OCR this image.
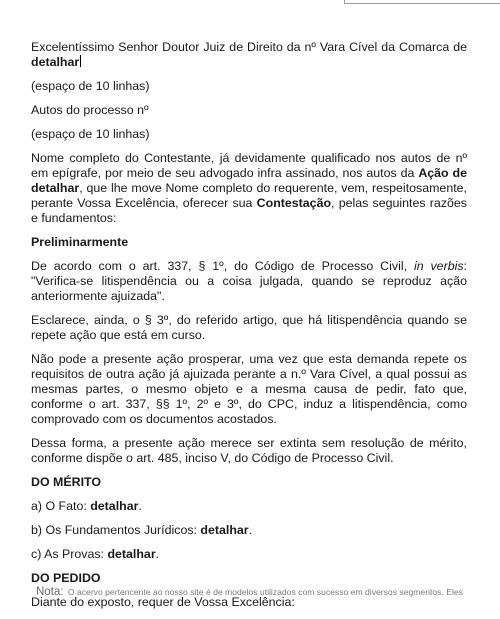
Excelentíssimo Senhor Doutor Juiz de Direito da nº Vara Cível da Comarca de detalhar

(espaço de 10 linhas)

Autos do processo nº

(espaço de 10 linhas)

Nome completo do Contestante, já devidamente qualificado nos autos de nº em epígrafe, por meio de seu advogado infra assinado, nos autos da Ação de detalhar, que lhe move Nome completo do requerente, vem, respeitosamente, perante Vossa Excelência, oferecer sua Contestação, pelas seguintes razões e fundamentos:

Preliminarmente

De acordo com o art. 337, § 1º, do Código de Processo Civil, in verbis: "Verifica-se litispendência ou a coisa julgada, quando se reproduz ação anteriormente ajuizada".

Esclarece, ainda, o § 3º, do referido artigo, que há litispendência quando se repete ação que está em curso.

Não pode a presente ação prosperar, uma vez que esta demanda repete os requisitos de outra ação já ajuizada perante a n.º Vara Cível, a qual possui as mesmas partes, o mesmo objeto e a mesma causa de pedir, fato que, conforme o art. 337, §§ 1º, 2º e 3º, do CPC, induz a litispendência, como comprovado com os documentos acostados.

Dessa forma, a presente ação merece ser extinta sem resolução de mérito, conforme dispõe o art. 485, inciso V, do Código de Processo Civil.

DO MÉRITO

a) O Fato: detalhar.

b) Os Fundamentos Jurídicos: detalhar.

c) As Provas: detalhar.

DO PEDIDO

Diante do exposto, requer de Vossa Excelência:

Nota: O acervo pertencente ao nosso site é de modelos utilizados com sucesso em diversos segmentos. Eles
